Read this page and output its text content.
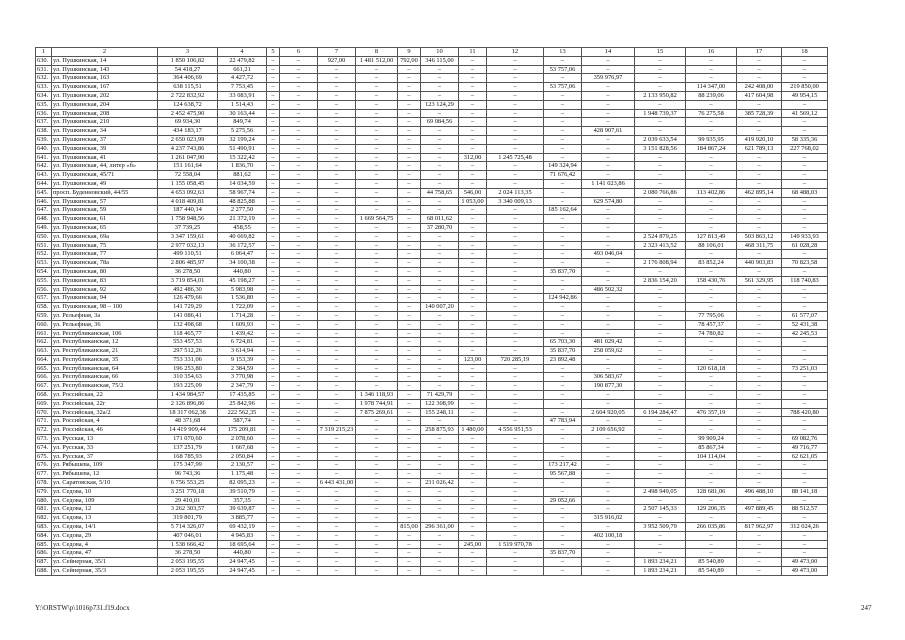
1	2	3	4	5	6	7	8	9	10	11	12	13	14	15	16	17	18
630.	ул. Пушкинская, 14	1 850 106,82	22 479,82	–	–	927,00	1 481 512,00	792,00	346 115,00	–	–	–	–	–	–	–	–
631.	ул. Пушкинская, 143	54 418,27	661,21	–	–	–	–	–	–	–	–	53 757,06	–	–	–	–	–
632.	ул. Пушкинская, 163	364 406,69	4 427,72	–	–	–	–	–	–	–	–	–	359 976,97	–	–	–	–
633.	ул. Пушкинская, 167	638 115,51	7 753,45	–	–	–	–	–	–	–	–	53 757,06	–	–	114 347,00	242 408,00	219 850,00
634.	ул. Пушкинская, 202	2 722 832,92	33 083,91	–	–	–	–	–	–	–	–	–	–	2 133 950,82	88 239,06	417 604,98	49 954,15
635.	ул. Пушкинская, 204	124 638,72	1 514,43	–	–	–	–	–	123 124,29	–	–	–	–	–	–	–	–
636.	ул. Пушкинская, 208	2 452 475,90	30 163,44	–	–	–	–	–	–	–	–	–	–	1 948 739,37	76 275,58	385 728,39	41 569,12
637.	ул. Пушкинская, 210	69 934,30	849,74	–	–	–	–	–	69 084,56	–	–	–	–	–	–	–	–
638.	ул. Пушкинская, 34	434 183,17	5 275,56	–	–	–	–	–	–	–	–	–	428 907,61	–	–	–	–
639.	ул. Пушкинская, 37	2 650 023,99	32 199,24	–	–	–	–	–	–	–	–	–	–	2 039 633,54	99 935,95	419 920,10	58 335,36
640.	ул. Пушкинская, 39	4 237 743,86	51 490,91	–	–	–	–	–	–	–	–	–	–	3 151 828,56	184 867,24	621 789,13	227 768,02
641.	ул. Пушкинская, 41	1 261 047,90	15 322,42	–	–	–	–	–	–	312,00	1 245 725,48	–	–	–	–	–	–
642.	ул. Пушкинская, 44, литер «б»	151 161,64	1 836,70	–	–	–	–	–	–	–	–	149 324,94	–	–	–	–	–
643.	ул. Пушкинская, 45/71	72 558,04	881,62	–	–	–	–	–	–	–	–	71 676,42	–	–	–	–	–
644.	ул. Пушкинская, 49	1 155 058,45	14 034,59	–	–	–	–	–	–	–	–	–	1 141 023,86	–	–	–	–
645.	просп. Буденновский, 44/55	4 653 092,63	58 967,74	–	–	–	–	–	44 758,65	546,00	2 024 113,35	–	–	2 080 766,86	113 402,86	462 895,14	68 488,03
646.	ул. Пушкинская, 57	4 018 409,81	48 825,88	–	–	–	–	–	–	1 053,00	3 340 009,13	–	629 574,80	–	–	–	–
647.	ул. Пушкинская, 59	187 440,14	2 277,50	–	–	–	–	–	–	–	–	185 162,64	–	–	–	–	–
648.	ул. Пушкинская, 61	1 758 948,56	21 372,19	–	–	–	1 669 564,75	–	68 011,62	–	–	–	–	–	–	–	–
649.	ул. Пушкинская, 65	37 739,25	458,55	–	–	–	–	–	37 280,70	–	–	–	–	–	–	–	–
650.	ул. Пушкинская, 69а	3 347 159,61	40 669,82	–	–	–	–	–	–	–	–	–	–	2 524 879,25	127 813,49	503 863,12	149 933,93
651.	ул. Пушкинская, 75	2 977 032,13	36 172,57	–	–	–	–	–	–	–	–	–	–	2 323 413,52	88 106,01	468 311,75	61 028,28
652.	ул. Пушкинская, 77	499 110,51	6 064,47	–	–	–	–	–	–	–	–	–	493 046,04	–	–	–	–
653.	ул. Пушкинская, 78а	2 806 485,97	34 100,38	–	–	–	–	–	–	–	–	–	–	2 176 808,94	83 852,24	440 903,83	70 823,58
654.	ул. Пушкинская, 80	36 278,50	440,80	–	–	–	–	–	–	–	–	35 837,70	–	–	–	–	–
655.	ул. Пушкинская, 83	3 719 854,01	45 198,27	–	–	–	–	–	–	–	–	–	–	2 836 154,20	158 430,76	561 329,95	118 740,83
656.	ул. Пушкинская, 92	492 486,30	5 983,98	–	–	–	–	–	–	–	–	–	486 502,32	–	–	–	–
657.	ул. Пушкинская, 94	126 479,66	1 536,80	–	–	–	–	–	–	–	–	124 942,86	–	–	–	–	–
658.	ул. Пушкинская, 98 – 100	141 729,29	1 722,09	–	–	–	–	–	140 007,20	–	–	–	–	–	–	–	–
659.	ул. Рельефная, 3а	141 086,41	1 714,28	–	–	–	–	–	–	–	–	–	–	–	77 795,06	–	61 577,07
660.	ул. Рельефная, 36	132 498,68	1 609,93	–	–	–	–	–	–	–	–	–	–	–	78 457,37	–	52 431,38
661.	ул. Республиканская, 106	118 465,77	1 439,42	–	–	–	–	–	–	–	–	–	–	–	74 780,82	–	42 245,53
662.	ул. Республиканская, 12	553 457,53	6 724,81	–	–	–	–	–	–	–	–	65 703,30	481 029,42	–	–	–	–
663.	ул. Республиканская, 21	297 512,26	3 614,94	–	–	–	–	–	–	–	–	35 837,70	258 059,62	–	–	–	–
664.	ул. Республиканская, 35	753 331,06	9 153,39	–	–	–	–	–	–	123,00	720 285,19	23 892,48	–	–	–	–	–
665.	ул. Республиканская, 64	196 253,80	2 384,59	–	–	–	–	–	–	–	–	–	–	–	120 618,18	–	73 251,03
666.	ул. Республиканская, 66	310 354,63	3 770,98	–	–	–	–	–	–	–	–	–	306 583,67	–	–	–	–
667.	ул. Республиканская, 75/2	193 225,09	2 347,79	–	–	–	–	–	–	–	–	–	190 877,30	–	–	–	–
668.	ул. Российская, 22	1 434 984,57	17 435,85	–	–	–	1 346 118,93	–	71 429,79	–	–	–	–	–	–	–	–
669.	ул. Российская, 22г	2 126 896,86	25 842,96	–	–	–	1 978 744,91	–	122 308,99	–	–	–	–	–	–	–	–
670.	ул. Российская, 32а/2	18 317 062,38	222 562,35	–	–	–	7 875 269,61	–	155 248,11	–	–	–	2 604 920,05	6 194 284,47	476 357,19	–	788 420,80
671.	ул. Российская, 4	48 371,68	587,74	–	–	–	–	–	–	–	–	47 783,94	–	–	–	–	–
672.	ул. Российская, 46	14 419 909,44	175 209,81	–	–	7 319 215,23	–	–	258 875,93	1 480,00	4 556 951,53	–	2 109 656,92	–	–	–	–
673.	ул. Русская, 13	171 070,60	2 078,60	–	–	–	–	–	–	–	–	–	–	–	99 909,24	–	69 082,76
674.	ул. Русская, 33	137 251,79	1 667,68	–	–	–	–	–	–	–	–	–	–	–	85 867,34	–	49 716,77
675.	ул. Русская, 37	168 785,93	2 050,84	–	–	–	–	–	–	–	–	–	–	–	104 114,04	–	62 621,05
676.	ул. Рябышева, 109	175 347,99	2 130,57	–	–	–	–	–	–	–	–	173 217,42	–	–	–	–	–
677.	ул. Рябышева, 12	96 743,36	1 175,48	–	–	–	–	–	–	–	–	95 567,88	–	–	–	–	–
678.	ул. Саратовская, 5/10	6 756 553,25	82 095,23	–	–	6 443 431,00	–	–	231 026,42	–	–	–	–	–	–	–	–
679.	ул. Седова, 10	3 251 770,18	39 510,79	–	–	–	–	–	–	–	–	–	–	2 498 949,05	128 681,06	496 488,10	88 141,18
680.	ул. Седова, 109	29 410,01	357,35	–	–	–	–	–	–	–	–	29 052,66	–	–	–	–	–
681.	ул. Седова, 12	3 262 303,57	39 639,87	–	–	–	–	–	–	–	–	–	–	2 507 145,33	129 206,35	497 889,45	88 512,57
682.	ул. Седова, 13	319 801,79	3 885,77	–	–	–	–	–	–	–	–	–	315 916,02	–	–	–	–
683.	ул. Седова, 14/1	5 714 326,07	69 432,19	–	–	–	–	815,00	296 361,00	–	–	–	–	3 952 509,79	266 035,86	817 962,97	312 024,26
684.	ул. Седова, 29	407 046,01	4 945,83	–	–	–	–	–	–	–	–	–	402 100,18	–	–	–	–
685.	ул. Седова, 4	1 538 666,42	18 695,64	–	–	–	–	–	–	245,00	1 519 970,78	–	–	–	–	–	–
686.	ул. Седова, 47	36 278,50	440,80	–	–	–	–	–	–	–	–	35 837,70	–	–	–	–	–
687.	ул. Сейнерная, 35/1	2 053 195,55	24 947,45	–	–	–	–	–	–	–	–	–	–	1 893 234,21	85 540,89	–	49 473,00
688.	ул. Сейнерная, 35/3	2 053 195,55	24 947,45	–	–	–	–	–	–	–	–	–	–	1 893 234,21	85 540,89	–	49 473,00
Y:\ORSTW\p\1016p731.f19.docx	247
